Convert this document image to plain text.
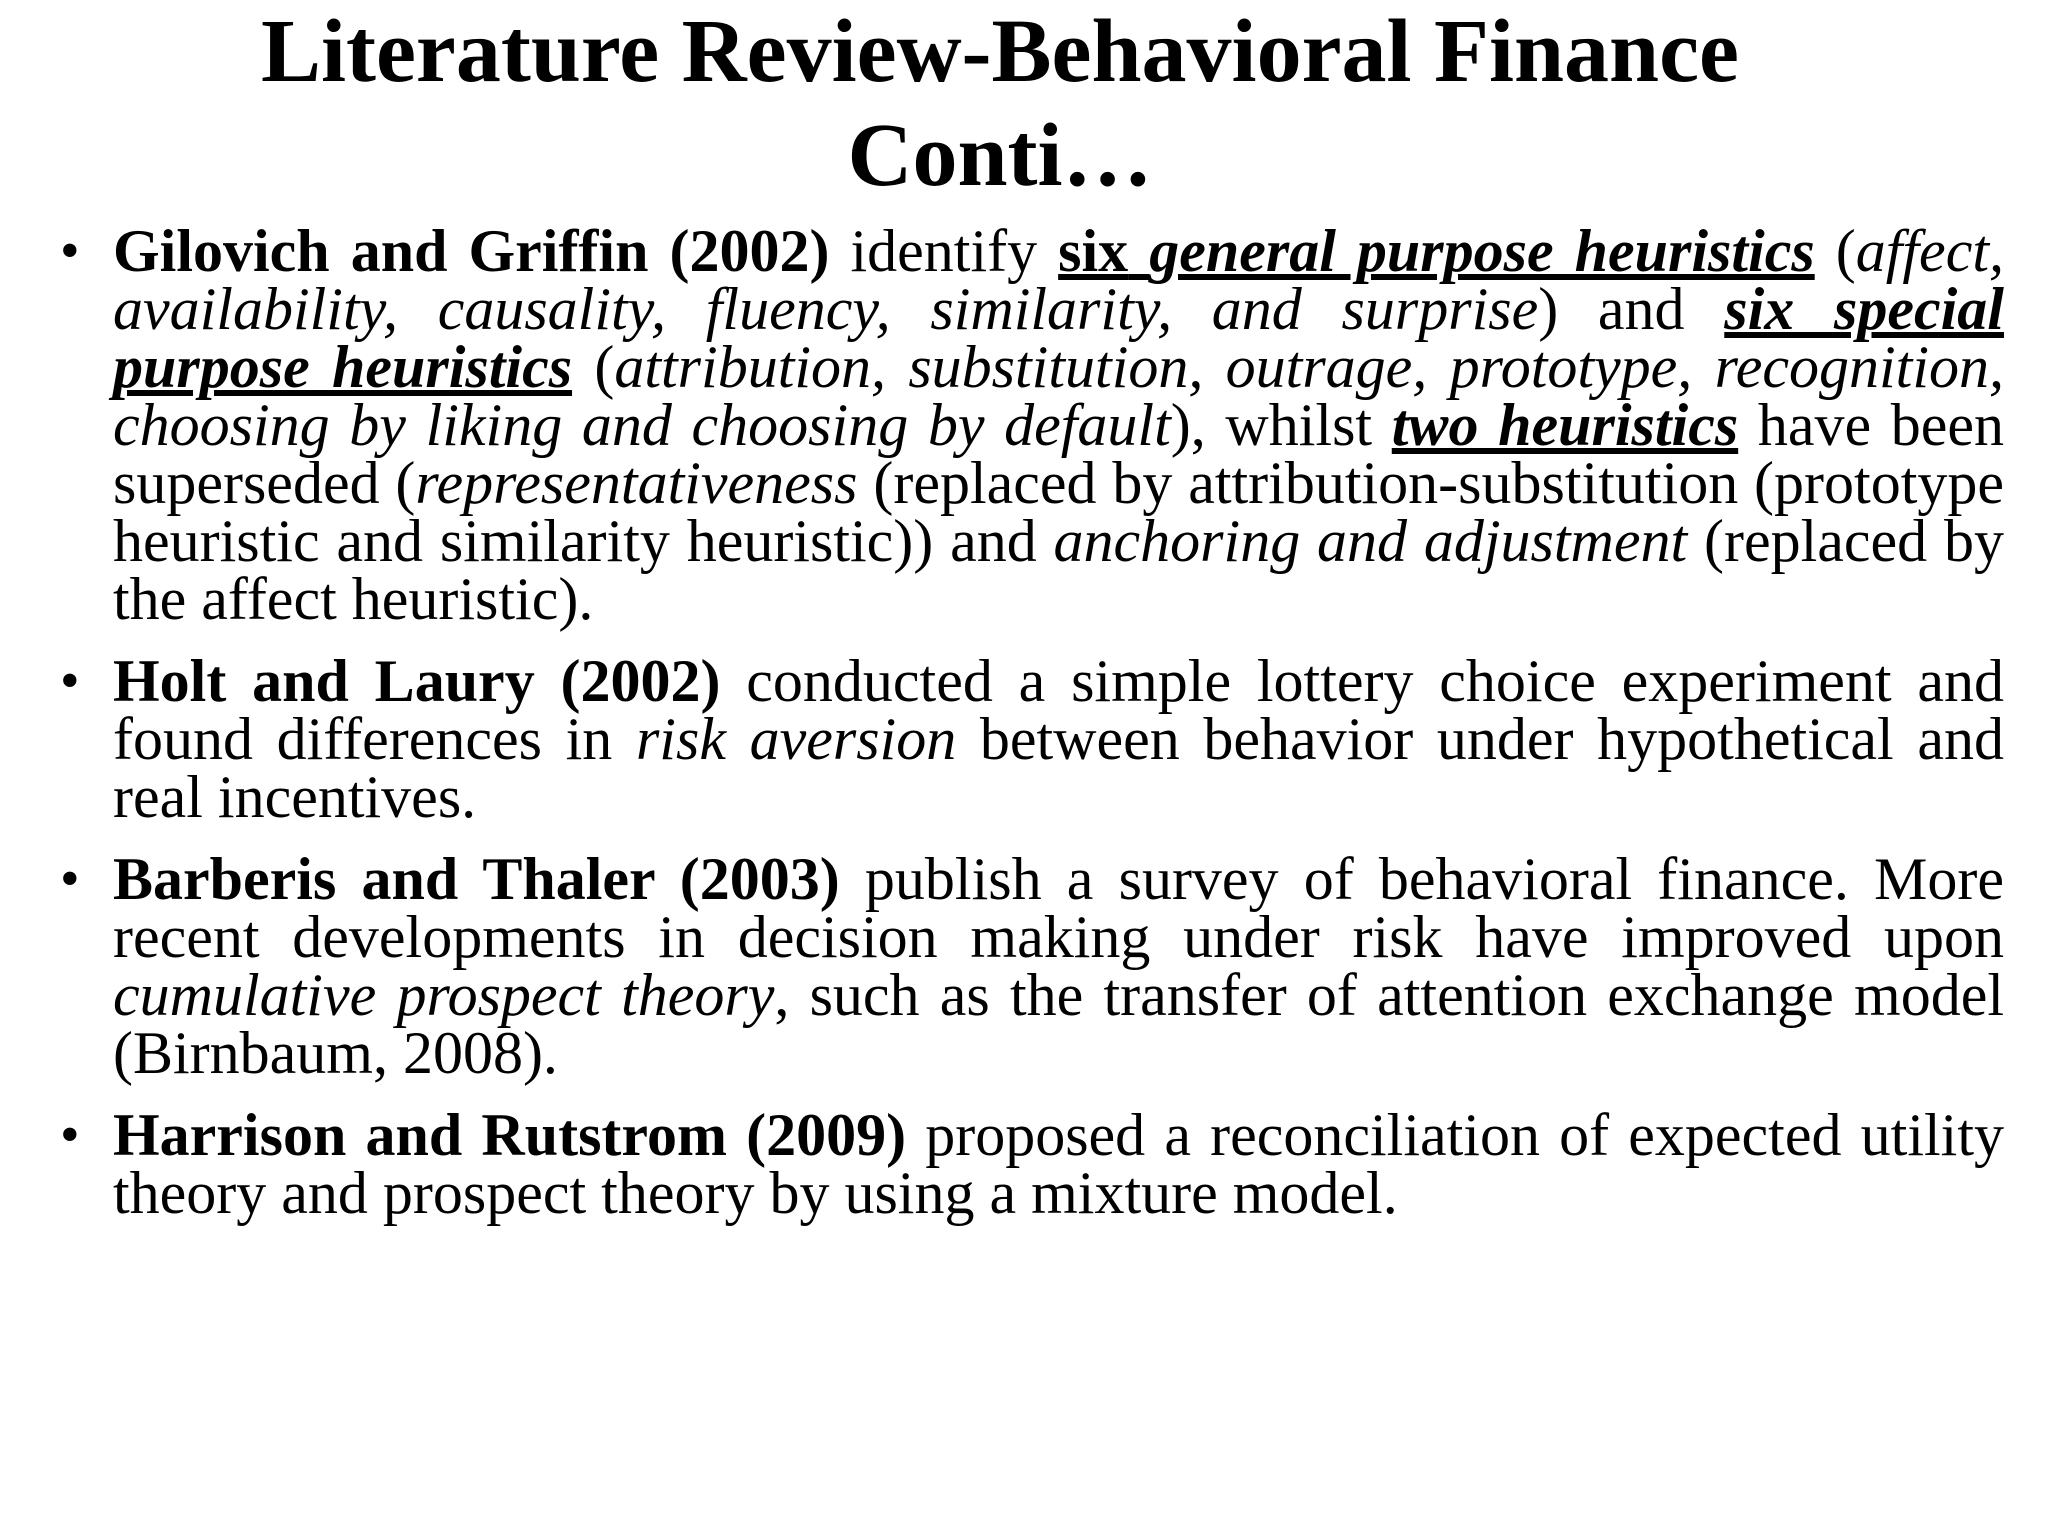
Literature Review-Behavioral Finance
Conti…
• Gilovich and Griffin (2002) identify six general purpose heuristics (affect, availability, causality, fluency, similarity, and surprise) and six special purpose heuristics (attribution, substitution, outrage, prototype, recognition, choosing by liking and choosing by default), whilst two heuristics have been superseded (representativeness (replaced by attribution-substitution (prototype heuristic and similarity heuristic)) and anchoring and adjustment (replaced by the affect heuristic).
• Holt and Laury (2002) conducted a simple lottery choice experiment and found differences in risk aversion between behavior under hypothetical and real incentives.
• Barberis and Thaler (2003) publish a survey of behavioral finance. More recent developments in decision making under risk have improved upon cumulative prospect theory, such as the transfer of attention exchange model (Birnbaum, 2008).
• Harrison and Rutstrom (2009) proposed a reconciliation of expected utility theory and prospect theory by using a mixture model.
